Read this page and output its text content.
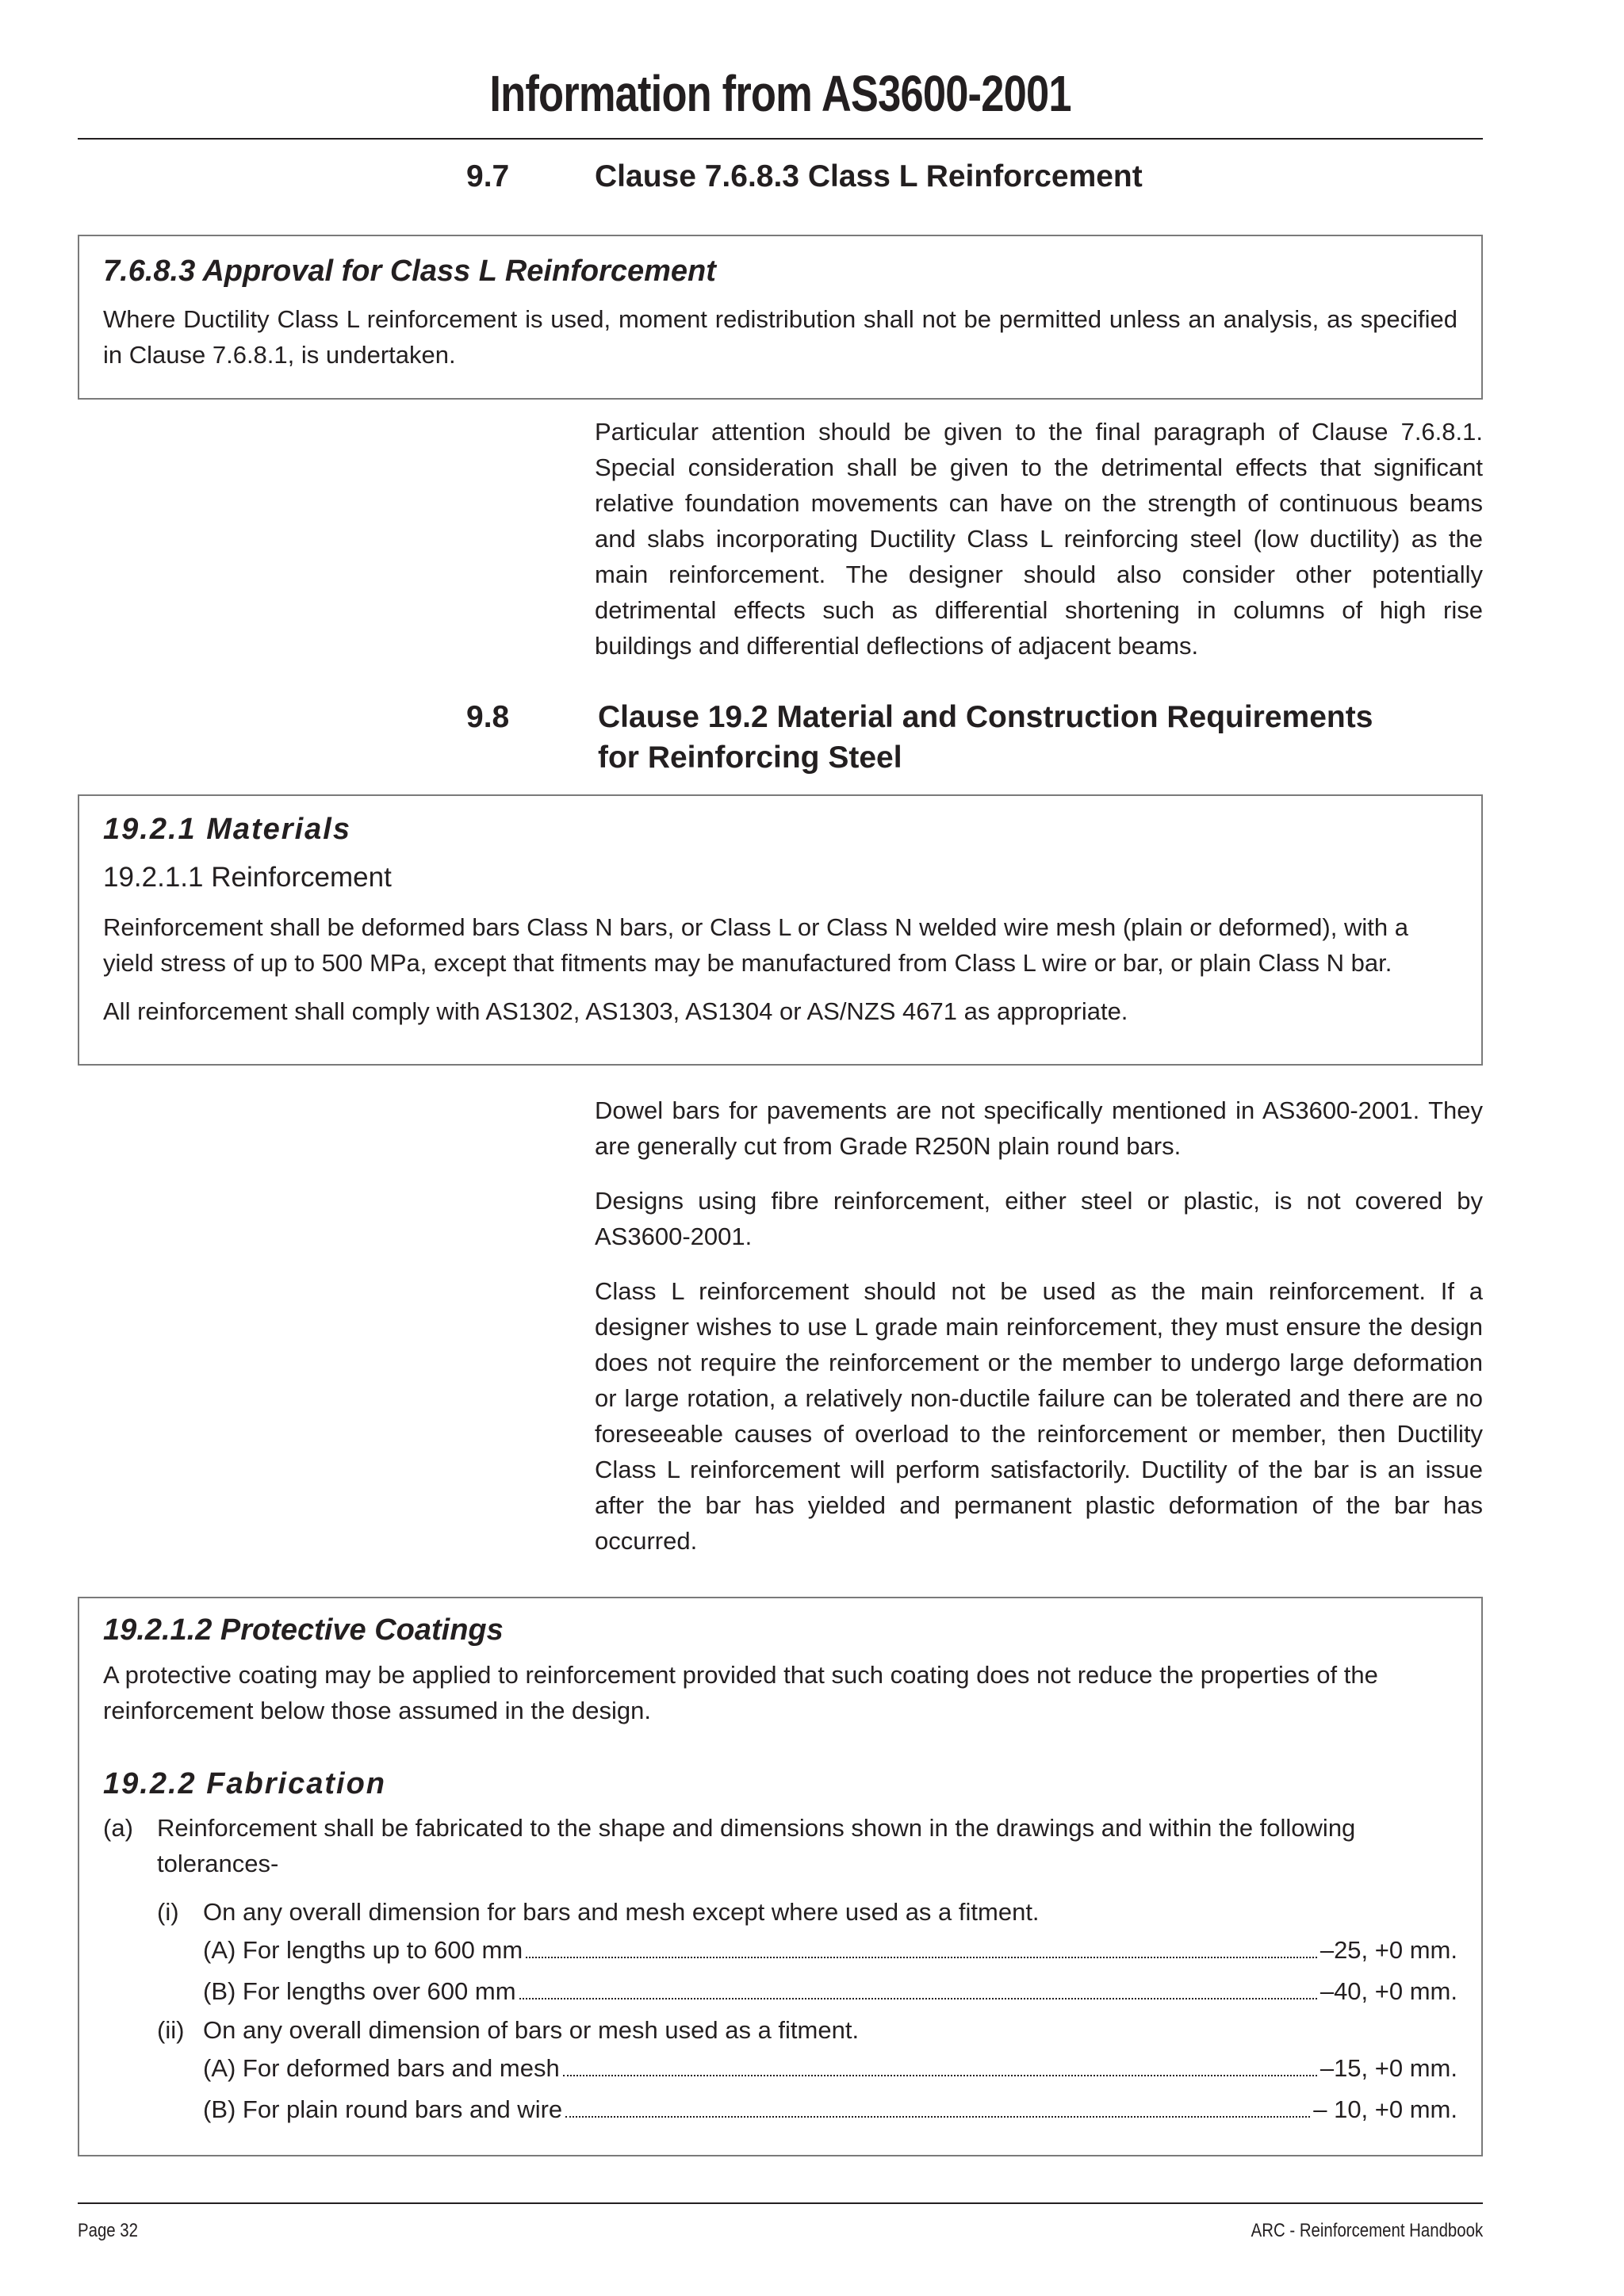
Information from AS3600-2001
9.7	Clause 7.6.8.3 Class L Reinforcement
7.6.8.3 Approval for Class L Reinforcement
Where Ductility Class L reinforcement is used, moment redistribution shall not be permitted unless an analysis, as specified in Clause 7.6.8.1, is undertaken.

Particular attention should be given to the final paragraph of Clause 7.6.8.1. Special consideration shall be given to the detrimental effects that significant relative foundation movements can have on the strength of continuous beams and slabs incorporating Ductility Class L reinforcing steel (low ductility) as the main reinforcement. The designer should also consider other potentially detrimental effects such as differential shortening in columns of high rise buildings and differential deflections of adjacent beams.

9.8	Clause 19.2 Material and Construction Requirements
for Reinforcing Steel
19.2.1 Materials
19.2.1.1 Reinforcement
Reinforcement shall be deformed bars Class N bars, or Class L or Class N welded wire mesh (plain or deformed), with a yield stress of up to 500 MPa, except that fitments may be manufactured from Class L wire or bar, or plain Class N bar.
All reinforcement shall comply with AS1302, AS1303, AS1304 or AS/NZS 4671 as appropriate.

Dowel bars for pavements are not specifically mentioned in AS3600-2001. They are generally cut from Grade R250N plain round bars.

Designs using fibre reinforcement, either steel or plastic, is not covered by AS3600-2001.

Class L reinforcement should not be used as the main reinforcement. If a designer wishes to use L grade main reinforcement, they must ensure the design does not require the reinforcement or the member to undergo large deformation or large rotation, a relatively non-ductile failure can be tolerated and there are no foreseeable causes of overload to the reinforcement or member, then Ductility Class L reinforcement will perform satisfactorily. Ductility of the bar is an issue after the bar has yielded and permanent plastic deformation of the bar has occurred.

19.2.1.2 Protective Coatings
A protective coating may be applied to reinforcement provided that such coating does not reduce the properties of the reinforcement below those assumed in the design.
19.2.2 Fabrication
(a) Reinforcement shall be fabricated to the shape and dimensions shown in the drawings and within the following tolerances-
(i) On any overall dimension for bars and mesh except where used as a fitment.
(A) For lengths up to 600 mm	–25, +0 mm.
(B) For lengths over 600 mm	–40, +0 mm.
(ii) On any overall dimension of bars or mesh used as a fitment.
(A) For deformed bars and mesh	–15, +0 mm.
(B) For plain round bars and wire	– 10, +0 mm.
Page 32	ARC - Reinforcement Handbook
